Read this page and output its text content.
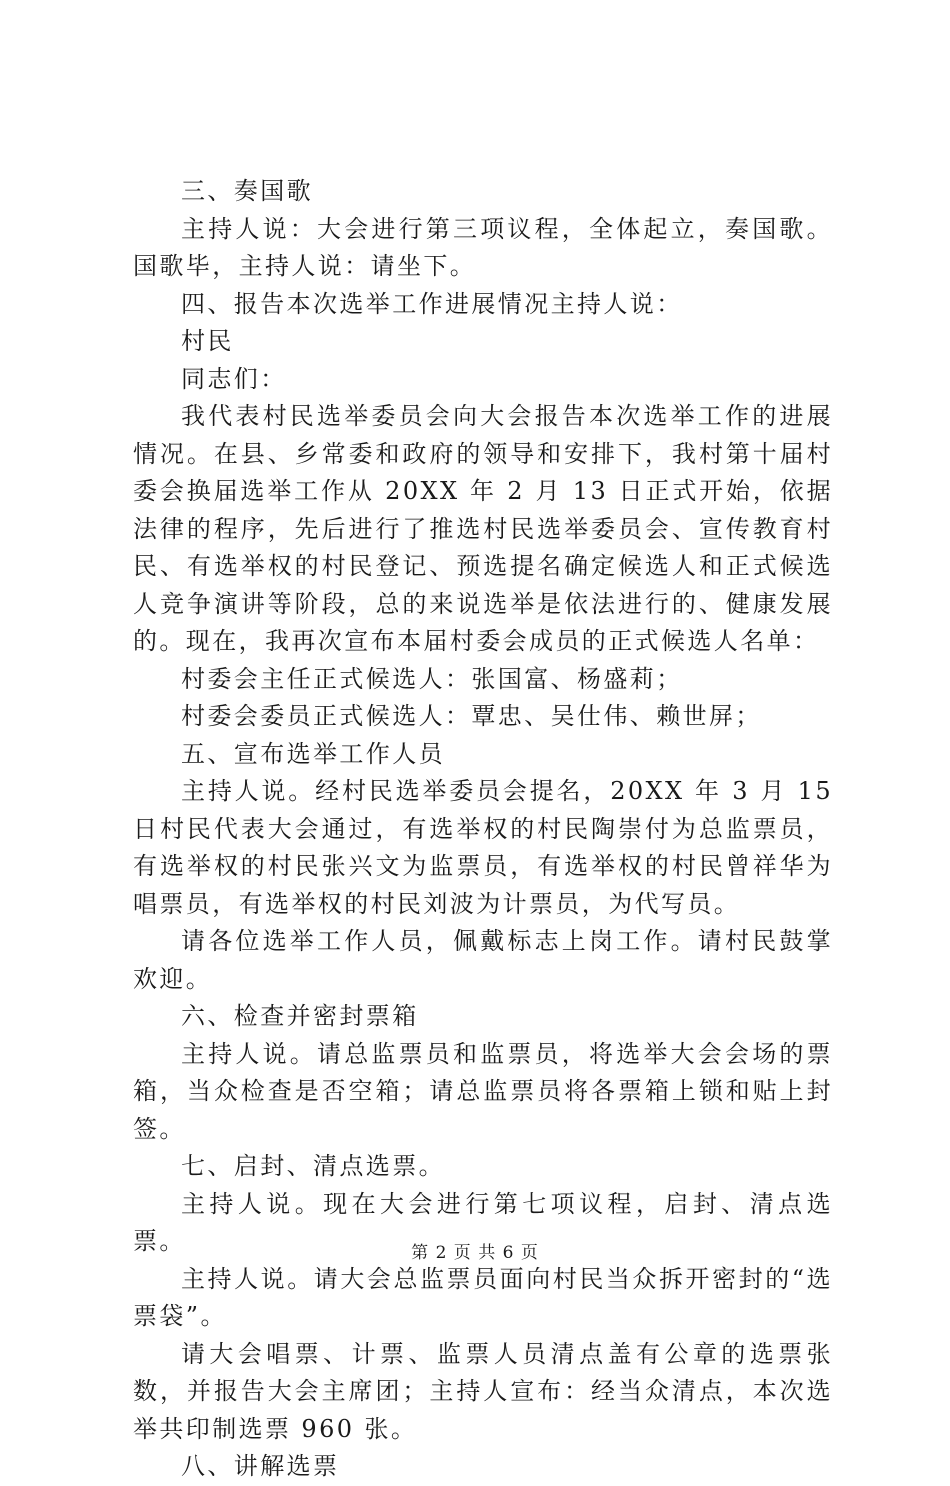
三、奏国歌

主持人说：大会进行第三项议程，全体起立，奏国歌。国歌毕，主持人说：请坐下。

四、报告本次选举工作进展情况主持人说：

村民

同志们：

我代表村民选举委员会向大会报告本次选举工作的进展情况。在县、乡常委和政府的领导和安排下，我村第十届村委会换届选举工作从 20XX 年 2 月 13 日正式开始，依据法律的程序，先后进行了推选村民选举委员会、宣传教育村民、有选举权的村民登记、预选提名确定候选人和正式候选人竞争演讲等阶段，总的来说选举是依法进行的、健康发展的。现在，我再次宣布本届村委会成员的正式候选人名单：

村委会主任正式候选人：张国富、杨盛莉；

村委会委员正式候选人：覃忠、吴仕伟、赖世屏；

五、宣布选举工作人员

主持人说。经村民选举委员会提名，20XX 年 3 月 15 日村民代表大会通过，有选举权的村民陶崇付为总监票员，有选举权的村民张兴文为监票员，有选举权的村民曾祥华为唱票员，有选举权的村民刘波为计票员，为代写员。

请各位选举工作人员，佩戴标志上岗工作。请村民鼓掌欢迎。

六、检查并密封票箱

主持人说。请总监票员和监票员，将选举大会会场的票箱，当众检查是否空箱；请总监票员将各票箱上锁和贴上封签。

七、启封、清点选票。

主持人说。现在大会进行第七项议程，启封、清点选票。

主持人说。请大会总监票员面向村民当众拆开密封的“选票袋”。

请大会唱票、计票、监票人员清点盖有公章的选票张数，并报告大会主席团；主持人宣布：经当众清点，本次选举共印制选票 960 张。

八、讲解选票

第 2 页 共 6 页
